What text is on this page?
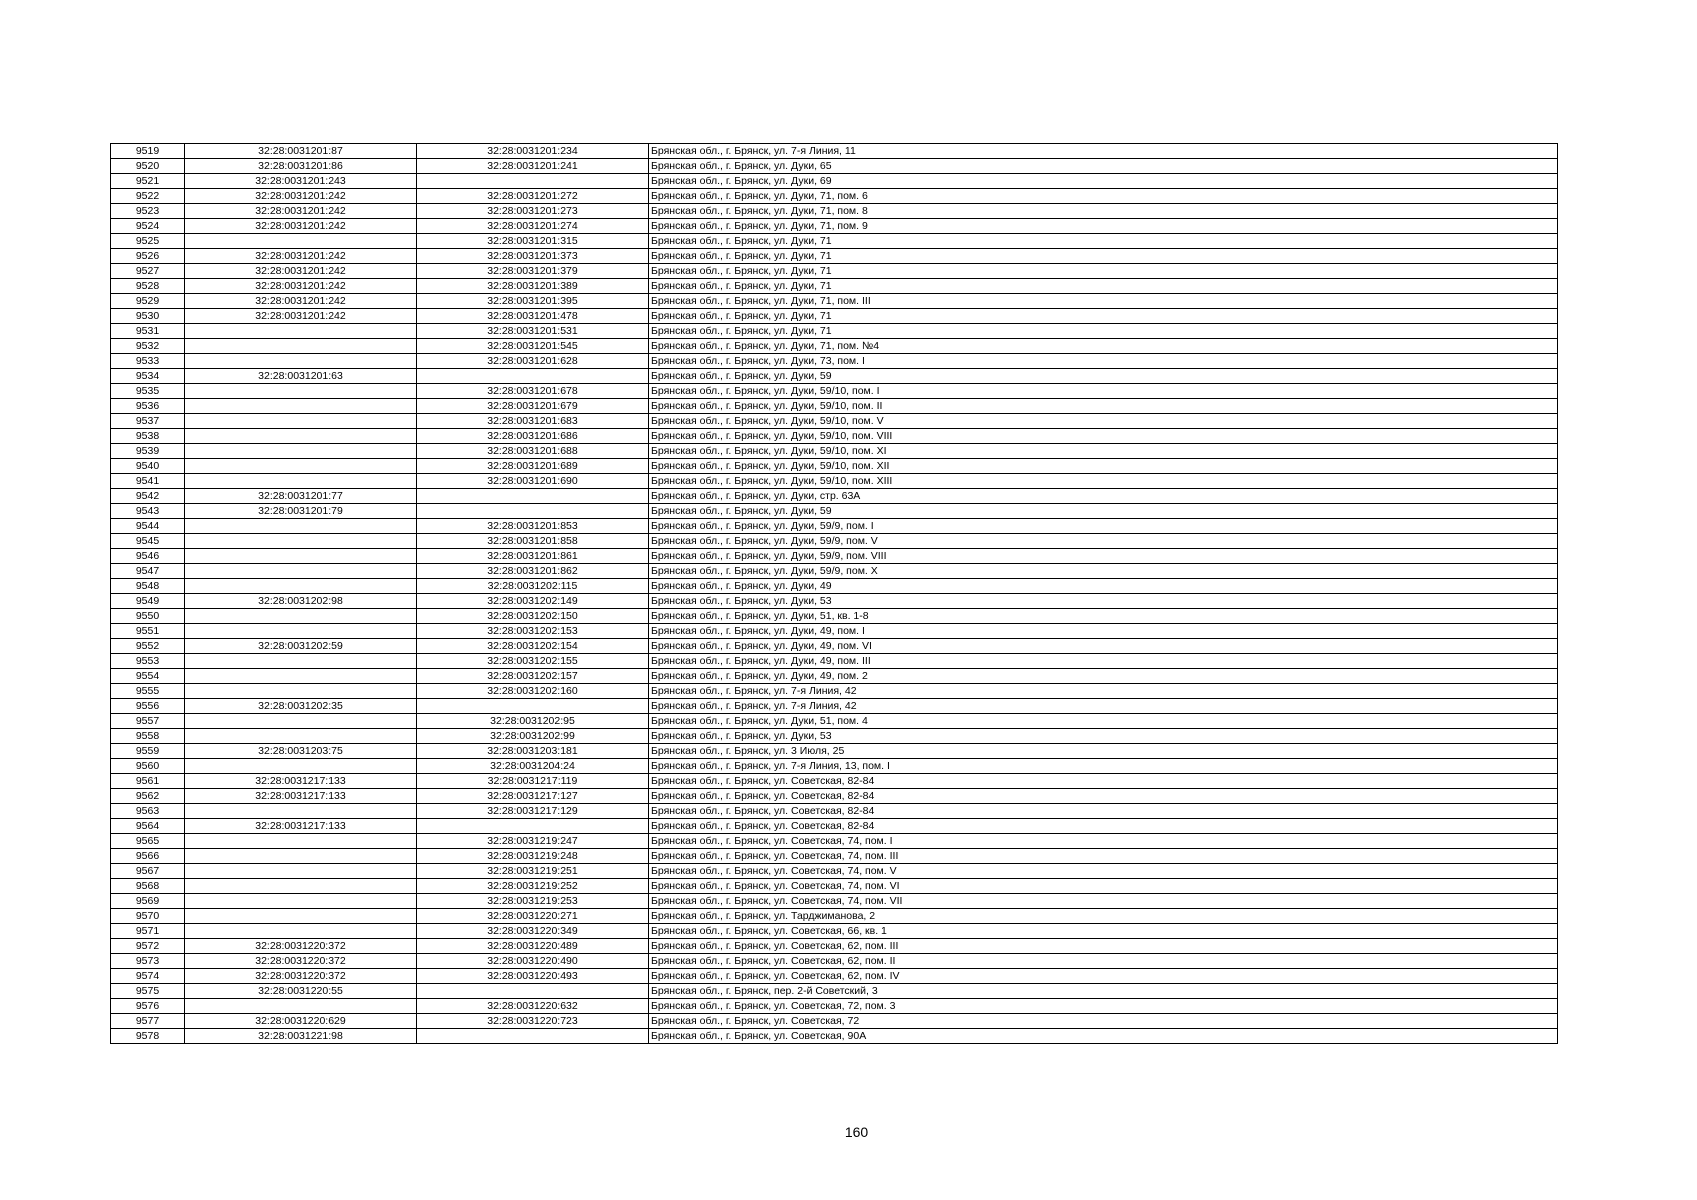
9519	32:28:0031201:87	32:28:0031201:234	Брянская обл., г. Брянск, ул. 7-я Линия, 11
9520	32:28:0031201:86	32:28:0031201:241	Брянская обл., г. Брянск, ул. Дуки, 65
9521	32:28:0031201:243		Брянская обл., г. Брянск, ул. Дуки, 69
9522	32:28:0031201:242	32:28:0031201:272	Брянская обл., г. Брянск, ул. Дуки, 71, пом. 6
9523	32:28:0031201:242	32:28:0031201:273	Брянская обл., г. Брянск, ул. Дуки, 71, пом. 8
9524	32:28:0031201:242	32:28:0031201:274	Брянская обл., г. Брянск, ул. Дуки, 71, пом. 9
9525		32:28:0031201:315	Брянская обл., г. Брянск, ул. Дуки, 71
9526	32:28:0031201:242	32:28:0031201:373	Брянская обл., г. Брянск, ул. Дуки, 71
9527	32:28:0031201:242	32:28:0031201:379	Брянская обл., г. Брянск, ул. Дуки, 71
9528	32:28:0031201:242	32:28:0031201:389	Брянская обл., г. Брянск, ул. Дуки, 71
9529	32:28:0031201:242	32:28:0031201:395	Брянская обл., г. Брянск, ул. Дуки, 71, пом. III
9530	32:28:0031201:242	32:28:0031201:478	Брянская обл., г. Брянск, ул. Дуки, 71
9531		32:28:0031201:531	Брянская обл., г. Брянск, ул. Дуки, 71
9532		32:28:0031201:545	Брянская обл., г. Брянск, ул. Дуки, 71, пом. №4
9533		32:28:0031201:628	Брянская обл., г. Брянск, ул. Дуки, 73, пом. I
9534	32:28:0031201:63		Брянская обл., г. Брянск, ул. Дуки, 59
9535		32:28:0031201:678	Брянская обл., г. Брянск, ул. Дуки, 59/10, пом. I
9536		32:28:0031201:679	Брянская обл., г. Брянск, ул. Дуки, 59/10, пом. II
9537		32:28:0031201:683	Брянская обл., г. Брянск, ул. Дуки, 59/10, пом. V
9538		32:28:0031201:686	Брянская обл., г. Брянск, ул. Дуки, 59/10, пом. VIII
9539		32:28:0031201:688	Брянская обл., г. Брянск, ул. Дуки, 59/10, пом. XI
9540		32:28:0031201:689	Брянская обл., г. Брянск, ул. Дуки, 59/10, пом. XII
9541		32:28:0031201:690	Брянская обл., г. Брянск, ул. Дуки, 59/10, пом. XIII
9542	32:28:0031201:77		Брянская обл., г. Брянск, ул. Дуки, стр. 63А
9543	32:28:0031201:79		Брянская обл., г. Брянск, ул. Дуки, 59
9544		32:28:0031201:853	Брянская обл., г. Брянск, ул. Дуки, 59/9, пом. I
9545		32:28:0031201:858	Брянская обл., г. Брянск, ул. Дуки, 59/9, пом. V
9546		32:28:0031201:861	Брянская обл., г. Брянск, ул. Дуки, 59/9, пом. VIII
9547		32:28:0031201:862	Брянская обл., г. Брянск, ул. Дуки, 59/9, пом. X
9548		32:28:0031202:115	Брянская обл., г. Брянск, ул. Дуки, 49
9549	32:28:0031202:98	32:28:0031202:149	Брянская обл., г. Брянск, ул. Дуки, 53
9550		32:28:0031202:150	Брянская обл., г. Брянск, ул. Дуки, 51, кв. 1-8
9551		32:28:0031202:153	Брянская обл., г. Брянск, ул. Дуки, 49, пом. I
9552	32:28:0031202:59	32:28:0031202:154	Брянская обл., г. Брянск, ул. Дуки, 49, пом. VI
9553		32:28:0031202:155	Брянская обл., г. Брянск, ул. Дуки, 49, пом. III
9554		32:28:0031202:157	Брянская обл., г. Брянск, ул. Дуки, 49, пом. 2
9555		32:28:0031202:160	Брянская обл., г. Брянск, ул. 7-я Линия, 42
9556	32:28:0031202:35		Брянская обл., г. Брянск, ул. 7-я Линия, 42
9557		32:28:0031202:95	Брянская обл., г. Брянск, ул. Дуки, 51, пом. 4
9558		32:28:0031202:99	Брянская обл., г. Брянск, ул. Дуки, 53
9559	32:28:0031203:75	32:28:0031203:181	Брянская обл., г. Брянск, ул. 3 Июля, 25
9560		32:28:0031204:24	Брянская обл., г. Брянск, ул. 7-я Линия, 13, пом. I
9561	32:28:0031217:133	32:28:0031217:119	Брянская обл., г. Брянск, ул. Советская, 82-84
9562	32:28:0031217:133	32:28:0031217:127	Брянская обл., г. Брянск, ул. Советская, 82-84
9563		32:28:0031217:129	Брянская обл., г. Брянск, ул. Советская, 82-84
9564	32:28:0031217:133		Брянская обл., г. Брянск, ул. Советская, 82-84
9565		32:28:0031219:247	Брянская обл., г. Брянск, ул. Советская, 74, пом. I
9566		32:28:0031219:248	Брянская обл., г. Брянск, ул. Советская, 74, пом. III
9567		32:28:0031219:251	Брянская обл., г. Брянск, ул. Советская, 74, пом. V
9568		32:28:0031219:252	Брянская обл., г. Брянск, ул. Советская, 74, пом. VI
9569		32:28:0031219:253	Брянская обл., г. Брянск, ул. Советская, 74, пом. VII
9570		32:28:0031220:271	Брянская обл., г. Брянск, ул. Тарджиманова, 2
9571		32:28:0031220:349	Брянская обл., г. Брянск, ул. Советская, 66, кв. 1
9572	32:28:0031220:372	32:28:0031220:489	Брянская обл., г. Брянск, ул. Советская, 62, пом. III
9573	32:28:0031220:372	32:28:0031220:490	Брянская обл., г. Брянск, ул. Советская, 62, пом. II
9574	32:28:0031220:372	32:28:0031220:493	Брянская обл., г. Брянск, ул. Советская, 62, пом. IV
9575	32:28:0031220:55		Брянская обл., г. Брянск, пер. 2-й Советский, 3
9576		32:28:0031220:632	Брянская обл., г. Брянск, ул. Советская, 72, пом. 3
9577	32:28:0031220:629	32:28:0031220:723	Брянская обл., г. Брянск, ул. Советская, 72
9578	32:28:0031221:98		Брянская обл., г. Брянск, ул. Советская, 90А
160
